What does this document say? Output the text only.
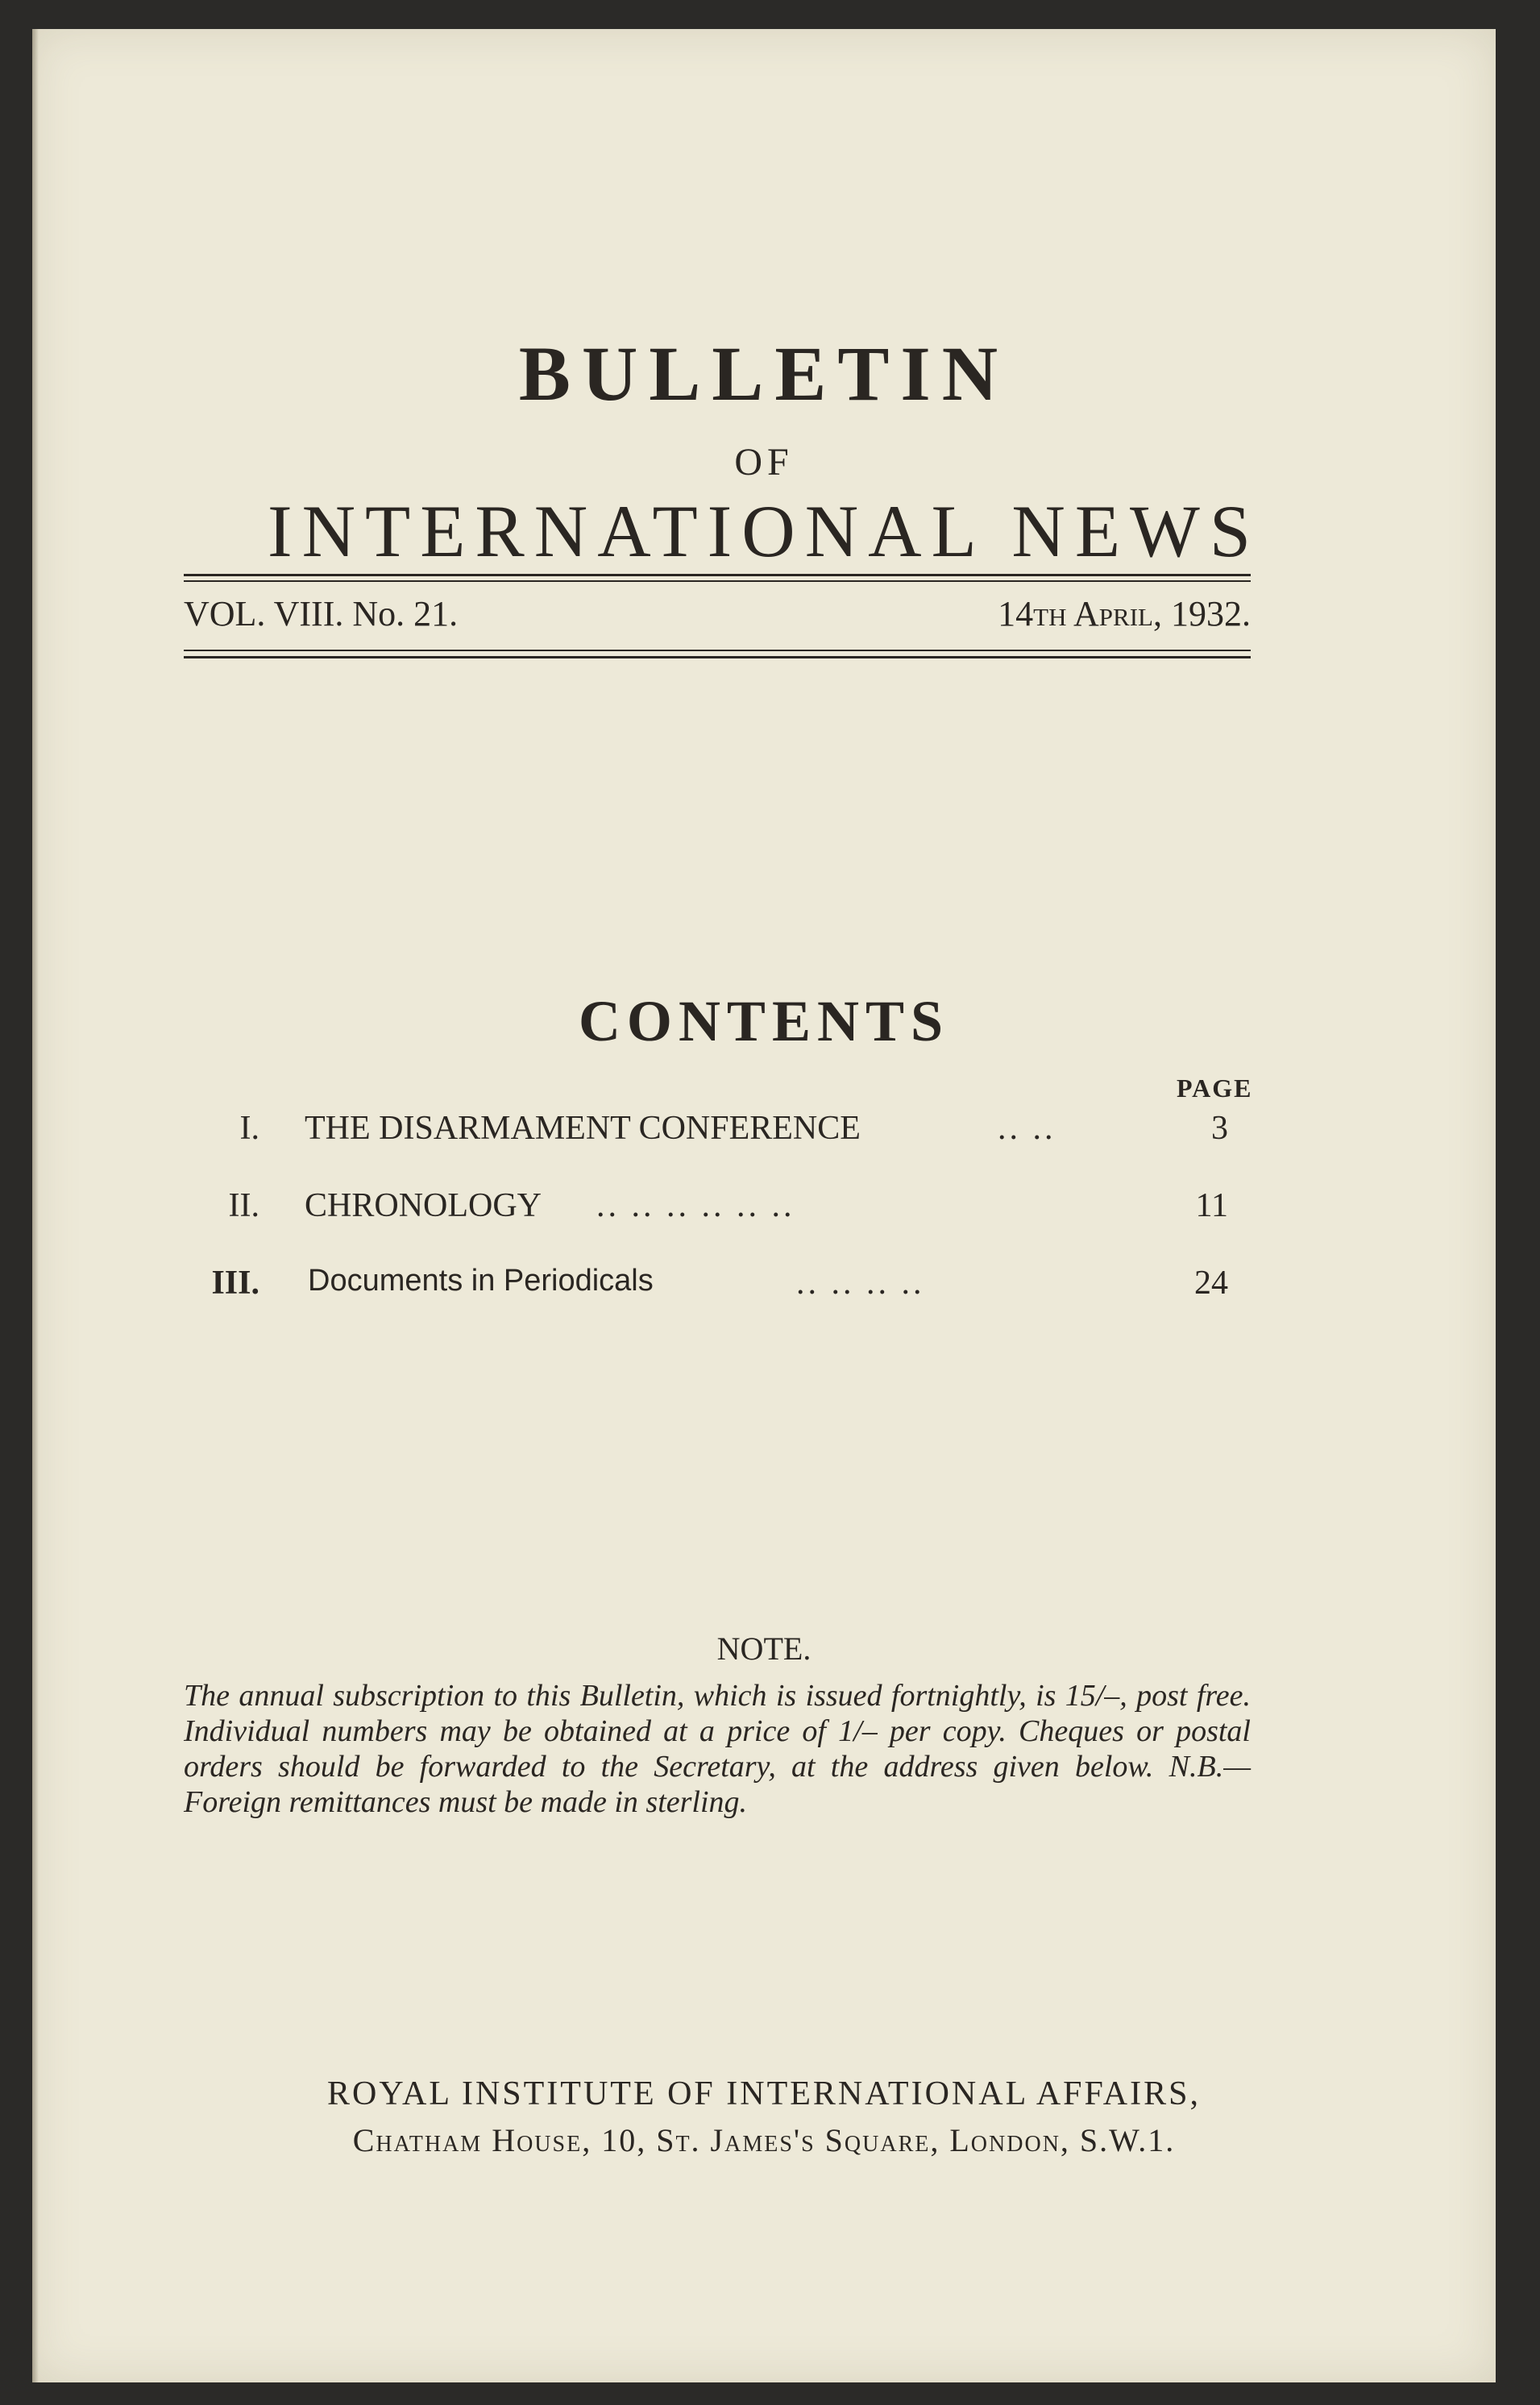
BULLETIN
OF
INTERNATIONAL NEWS
VOL. VIII. No. 21.	14th April, 1932.
CONTENTS
PAGE
I. THE DISARMAMENT CONFERENCE	.. ..	3
II. CHRONOLOGY .. .. .. .. .. ..	11
III. Documents in Periodicals	.. .. .. ..	24
NOTE.
The annual subscription to this Bulletin, which is issued fortnightly, is 15/–, post free. Individual numbers may be obtained at a price of 1/– per copy. Cheques or postal orders should be forwarded to the Secretary, at the address given below. N.B.—Foreign remittances must be made in sterling.
ROYAL INSTITUTE OF INTERNATIONAL AFFAIRS,
Chatham House, 10, St. James's Square, London, S.W.1.
